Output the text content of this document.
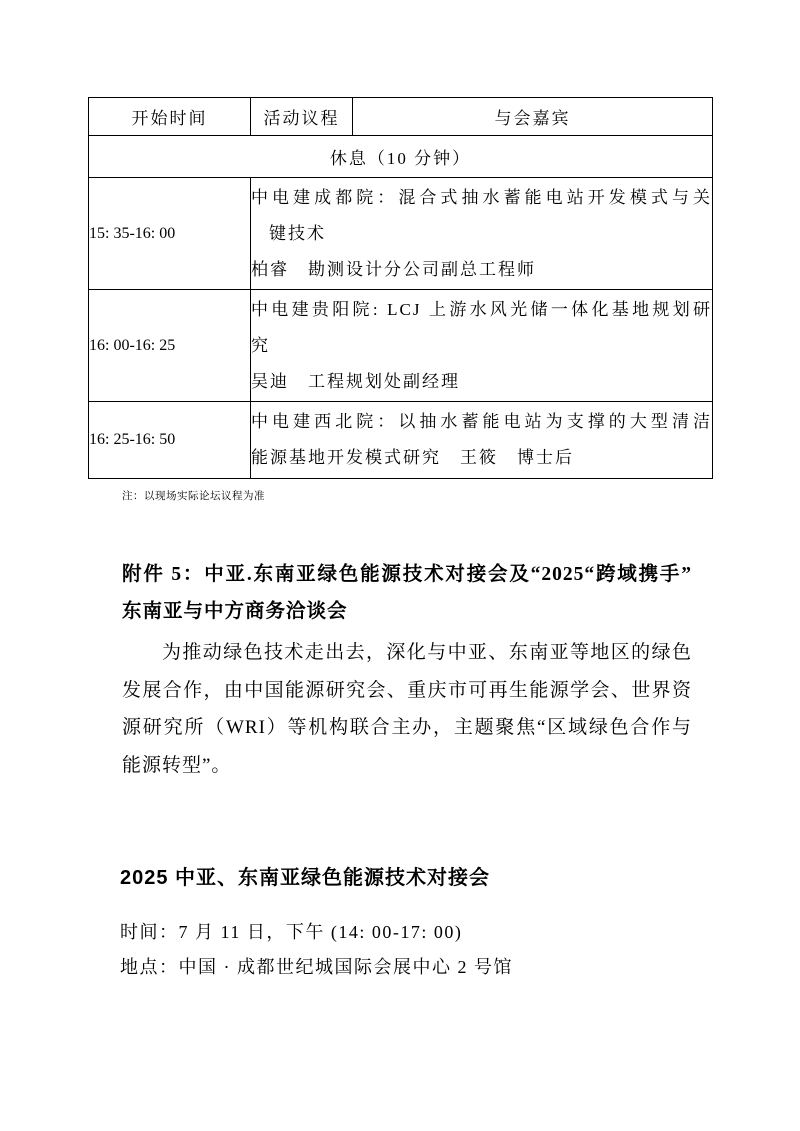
开始时间	活动议程	与会嘉宾
休息（10 分钟）		
15: 35-16: 00	中电建成都院：混合式抽水蓄能电站开发模式与关
键技术
柏睿　勘测设计分公司副总工程师	

16: 00-16: 25	中电建贵阳院: LCJ 上游水风光储一体化基地规划研
究
吴迪　工程规划处副经理	

16: 25-16: 50	中电建西北院：以抽水蓄能电站为支撑的大型清洁
能源基地开发模式研究　王筱　博士后	
注：以现场实际论坛议程为准
附件 5：中亚.东南亚绿色能源技术对接会及“2025“跨域携手”
东南亚与中方商务洽谈会
为推动绿色技术走出去，深化与中亚、东南亚等地区的绿色
发展合作，由中国能源研究会、重庆市可再生能源学会、世界资
源研究所（WRI）等机构联合主办，主题聚焦“区域绿色合作与
能源转型”。
2025 中亚、东南亚绿色能源技术对接会
时间：7 月 11 日，下午 (14: 00-17: 00)
地点：中国 · 成都世纪城国际会展中心 2 号馆
